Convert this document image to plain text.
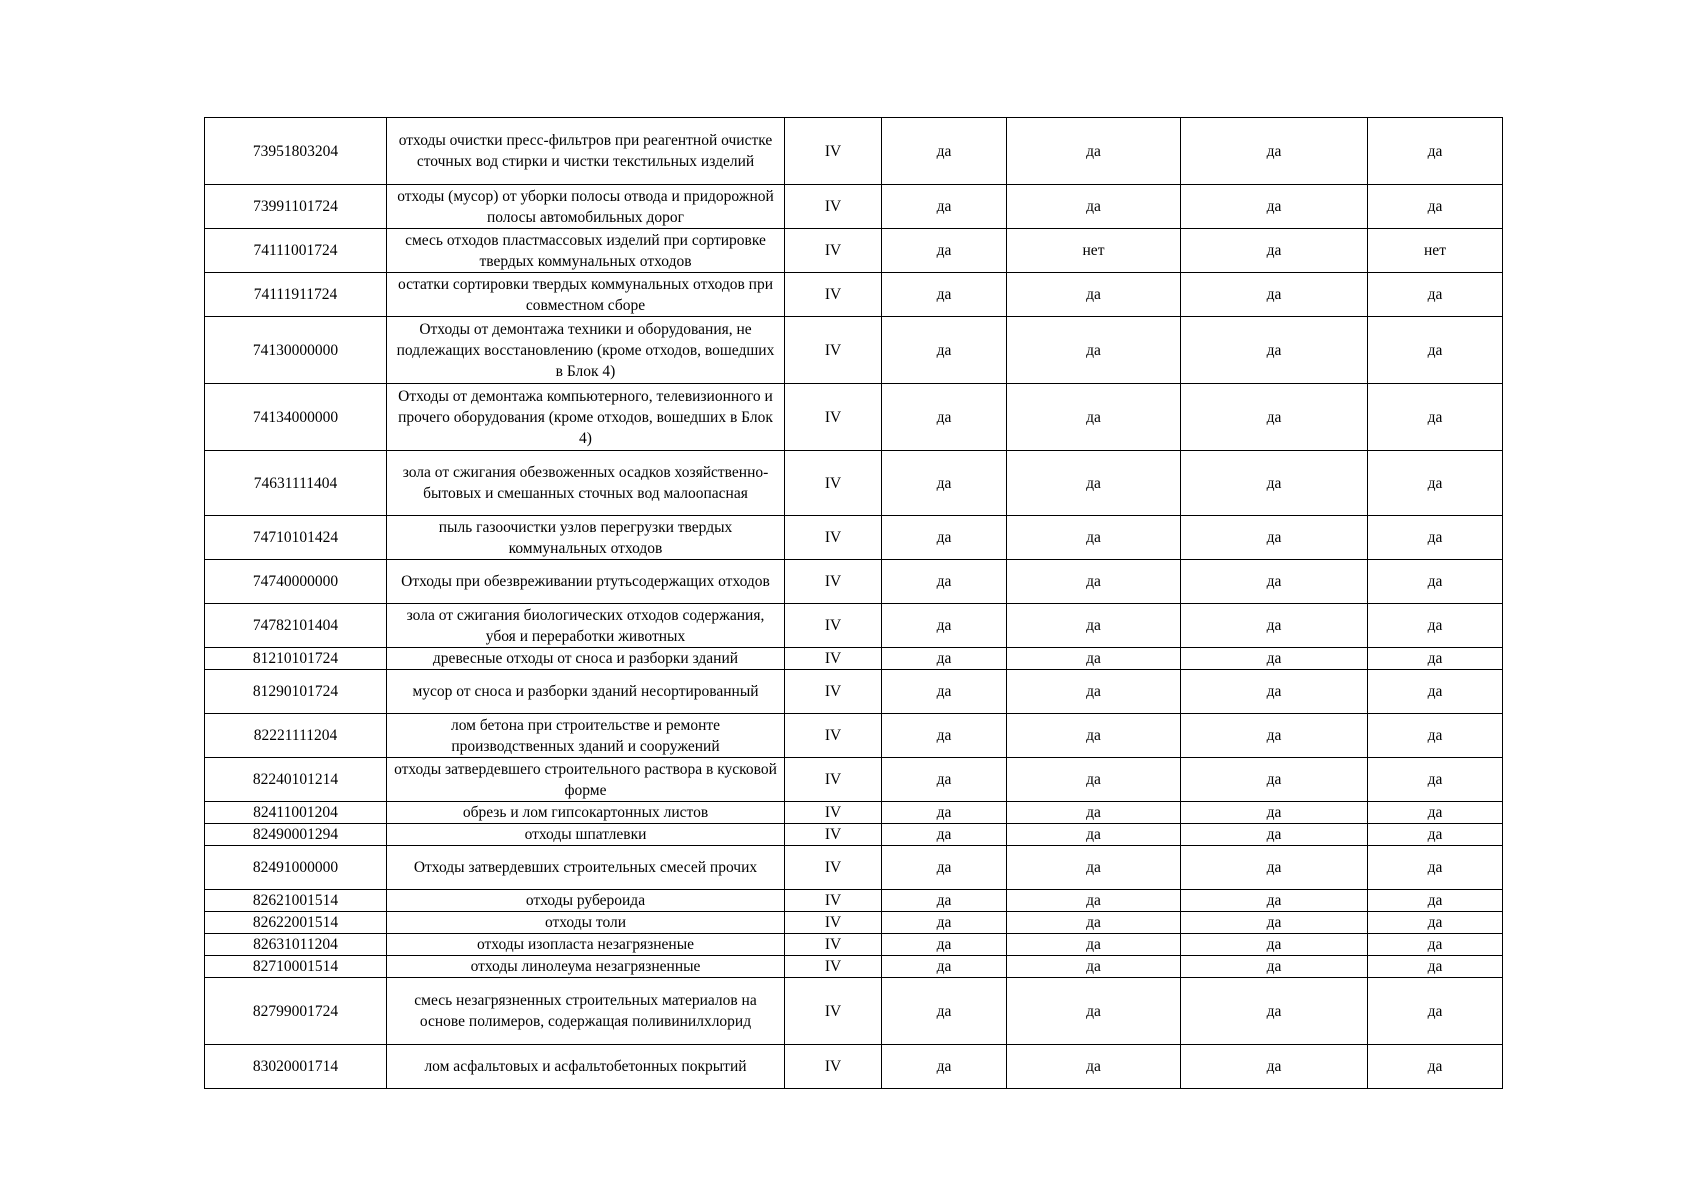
73951803204	отходы очистки пресс-фильтров при реагентной очистке сточных вод стирки и чистки текстильных изделий	IV	да	да	да	да
73991101724	отходы (мусор) от уборки полосы отвода и придорожной полосы автомобильных дорог	IV	да	да	да	да
74111001724	смесь отходов пластмассовых изделий при сортировке твердых коммунальных отходов	IV	да	нет	да	нет
74111911724	остатки сортировки твердых коммунальных отходов при совместном сборе	IV	да	да	да	да
74130000000	Отходы от демонтажа техники и оборудования, не подлежащих восстановлению (кроме отходов, вошедших в Блок 4)	IV	да	да	да	да
74134000000	Отходы от демонтажа компьютерного, телевизионного и прочего оборудования (кроме отходов, вошедших в Блок 4)	IV	да	да	да	да
74631111404	зола от сжигания обезвоженных осадков хозяйственно-бытовых и смешанных сточных вод малоопасная	IV	да	да	да	да
74710101424	пыль газоочистки узлов перегрузки твердых коммунальных отходов	IV	да	да	да	да
74740000000	Отходы при обезвреживании ртутьсодержащих отходов	IV	да	да	да	да
74782101404	зола от сжигания биологических отходов содержания, убоя и переработки животных	IV	да	да	да	да
81210101724	древесные отходы от сноса и разборки зданий	IV	да	да	да	да
81290101724	мусор от сноса и разборки зданий несортированный	IV	да	да	да	да
82221111204	лом бетона при строительстве и ремонте производственных зданий и сооружений	IV	да	да	да	да
82240101214	отходы затвердевшего строительного раствора в кусковой форме	IV	да	да	да	да
82411001204	обрезь и лом гипсокартонных листов	IV	да	да	да	да
82490001294	отходы шпатлевки	IV	да	да	да	да
82491000000	Отходы затвердевших строительных смесей прочих	IV	да	да	да	да
82621001514	отходы рубероида	IV	да	да	да	да
82622001514	отходы толи	IV	да	да	да	да
82631011204	отходы изопласта незагрязненые	IV	да	да	да	да
82710001514	отходы линолеума незагрязненные	IV	да	да	да	да
82799001724	смесь незагрязненных строительных материалов на основе полимеров, содержащая поливинилхлорид	IV	да	да	да	да
83020001714	лом асфальтовых и асфальтобетонных покрытий	IV	да	да	да	да
